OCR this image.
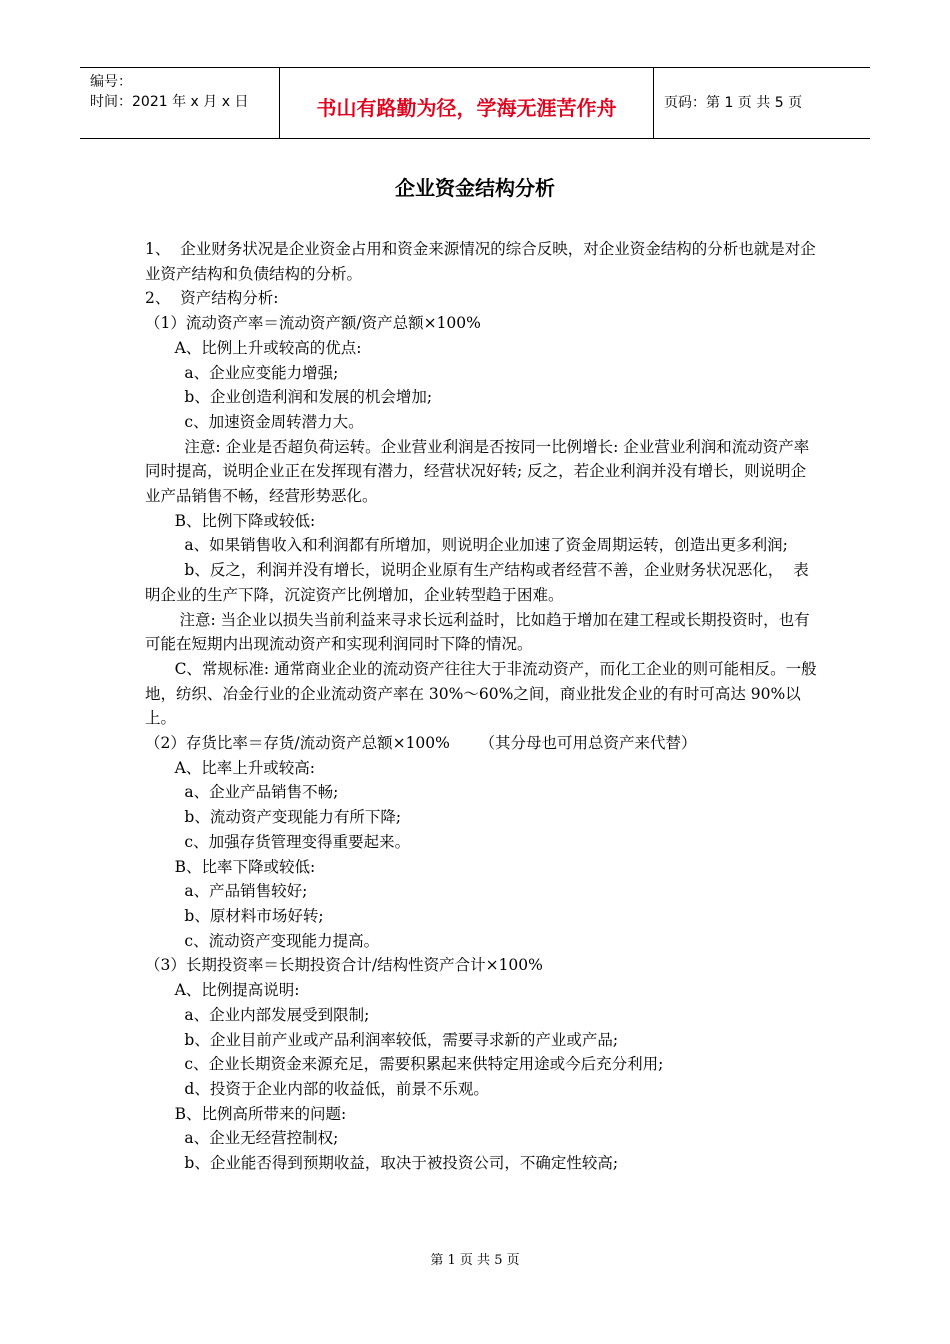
编号：
时间：2021 年 x 月 x 日	书山有路勤为径，学海无涯苦作舟	页码：第 1 页 共 5 页
企业资金结构分析

1、  企业财务状况是企业资金占用和资金来源情况的综合反映，对企业资金结构的分析也就是对企业资产结构和负债结构的分析。

2、  资产结构分析:

（1）流动资产率＝流动资产额/资产总额×100%

A、比例上升或较高的优点:

a、企业应变能力增强;

b、企业创造利润和发展的机会增加;

c、加速资金周转潜力大。

注意: 企业是否超负荷运转。企业营业利润是否按同一比例增长: 企业营业利润和流动资产率同时提高，说明企业正在发挥现有潜力，经营状况好转; 反之，若企业利润并没有增长，则说明企业产品销售不畅，经营形势恶化。

B、比例下降或较低:

a、如果销售收入和利润都有所增加，则说明企业加速了资金周期运转，创造出更多利润;

b、反之，利润并没有增长，说明企业原有生产结构或者经营不善，企业财务状况恶化，  表明企业的生产下降，沉淀资产比例增加，企业转型趋于困难。

注意: 当企业以损失当前利益来寻求长远利益时，比如趋于增加在建工程或长期投资时，也有可能在短期内出现流动资产和实现利润同时下降的情况。

C、常规标准: 通常商业企业的流动资产往往大于非流动资产，而化工企业的则可能相反。一般地，纺织、冶金行业的企业流动资产率在 30%～60%之间，商业批发企业的有时可高达 90%以上。

（2）存货比率＝存货/流动资产总额×100%      （其分母也可用总资产来代替）

A、比率上升或较高:

a、企业产品销售不畅;

b、流动资产变现能力有所下降;

c、加强存货管理变得重要起来。

B、比率下降或较低:

a、产品销售较好;

b、原材料市场好转;

c、流动资产变现能力提高。

（3）长期投资率＝长期投资合计/结构性资产合计×100%

A、比例提高说明:

a、企业内部发展受到限制;

b、企业目前产业或产品利润率较低，需要寻求新的产业或产品;

c、企业长期资金来源充足，需要积累起来供特定用途或今后充分利用;

d、投资于企业内部的收益低，前景不乐观。

B、比例高所带来的问题:

a、企业无经营控制权;

b、企业能否得到预期收益，取决于被投资公司，不确定性较高;

第 1 页 共 5 页
